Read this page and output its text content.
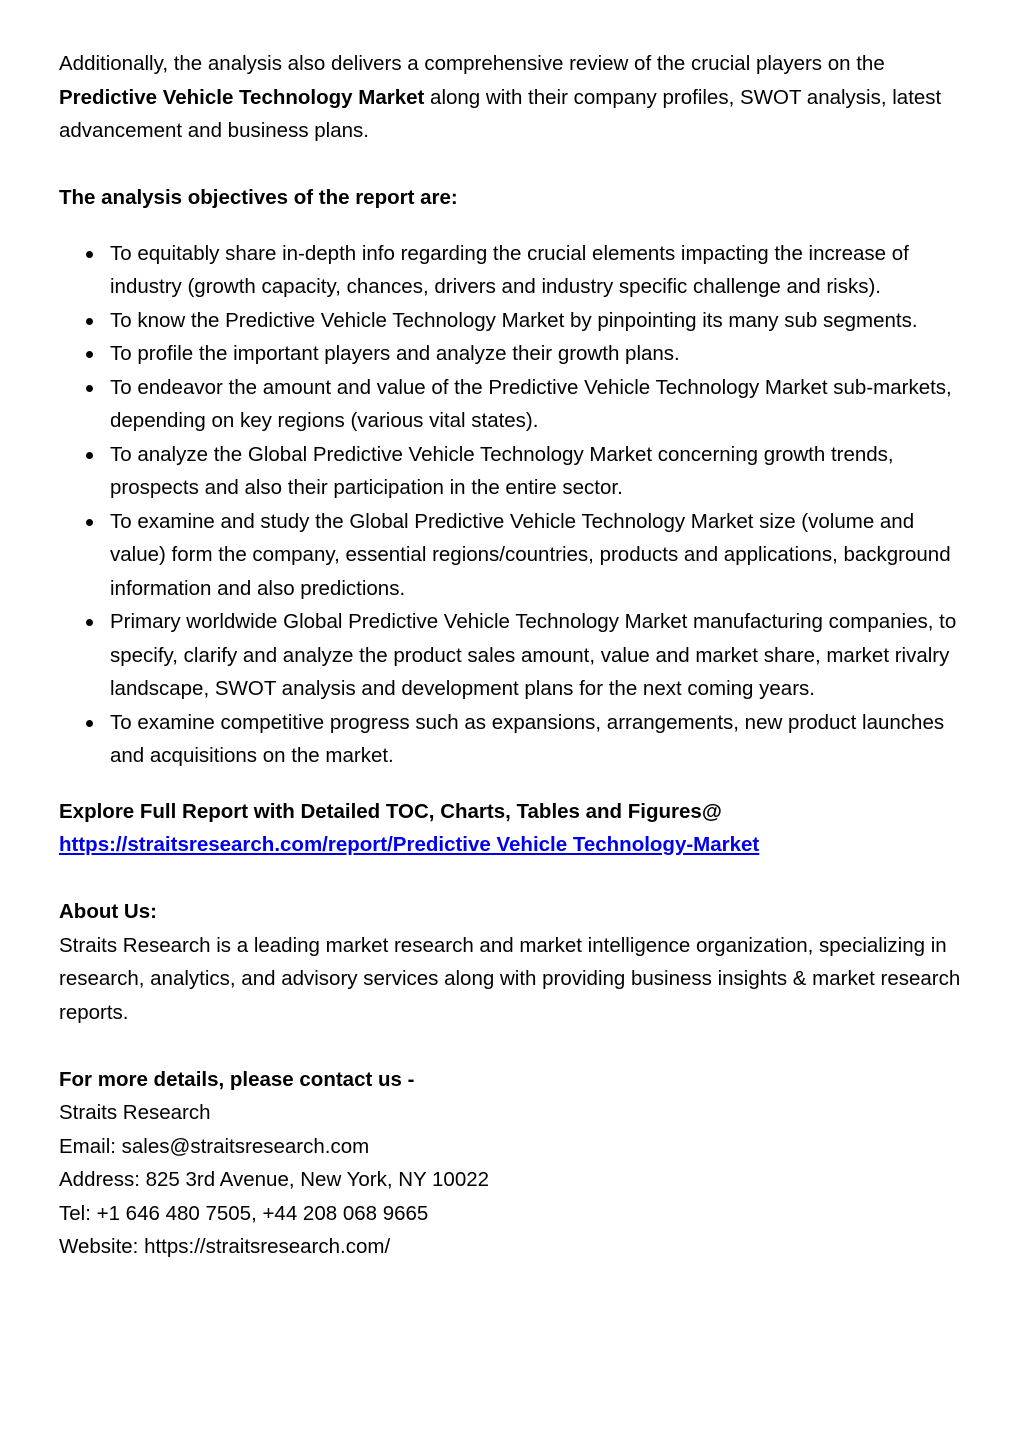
Additionally, the analysis also delivers a comprehensive review of the crucial players on the Predictive Vehicle Technology Market along with their company profiles, SWOT analysis, latest advancement and business plans.

The analysis objectives of the report are:

To equitably share in-depth info regarding the crucial elements impacting the increase of industry (growth capacity, chances, drivers and industry specific challenge and risks).
To know the Predictive Vehicle Technology Market by pinpointing its many sub segments.
To profile the important players and analyze their growth plans.
To endeavor the amount and value of the Predictive Vehicle Technology Market sub-markets, depending on key regions (various vital states).
To analyze the Global Predictive Vehicle Technology Market concerning growth trends, prospects and also their participation in the entire sector.
To examine and study the Global Predictive Vehicle Technology Market size (volume and value) form the company, essential regions/countries, products and applications, background information and also predictions.
Primary worldwide Global Predictive Vehicle Technology Market manufacturing companies, to specify, clarify and analyze the product sales amount, value and market share, market rivalry landscape, SWOT analysis and development plans for the next coming years.
To examine competitive progress such as expansions, arrangements, new product launches and acquisitions on the market.

Explore Full Report with Detailed TOC, Charts, Tables and Figures@

https://straitsresearch.com/report/Predictive Vehicle Technology-Market

About Us:

Straits Research is a leading market research and market intelligence organization, specializing in research, analytics, and advisory services along with providing business insights & market research reports.

For more details, please contact us -

Straits Research

Email: sales@straitsresearch.com

Address: 825 3rd Avenue, New York, NY 10022

Tel: +1 646 480 7505, +44 208 068 9665

Website: https://straitsresearch.com/
